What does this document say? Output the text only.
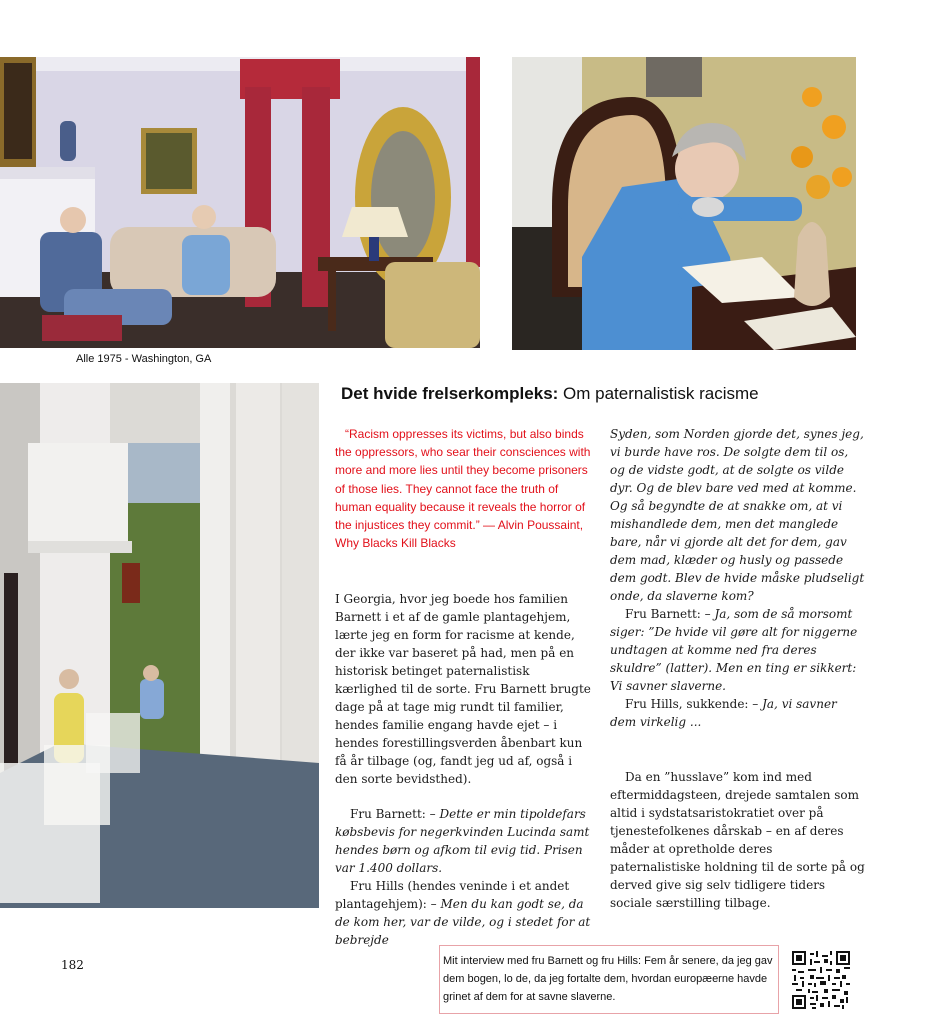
Alle 1975 - Washington, GA
Det hvide frelserkompleks: Om paternalistisk racisme
“Racism oppresses its victims, but also binds the oppressors, who sear their consciences with more and more lies until they become prisoners of those lies. They cannot face the truth of human equality because it reveals the horror of the injustices they commit.” — Alvin Poussaint, Why Blacks Kill Blacks

I Georgia, hvor jeg boede hos familien Barnett i et af de gamle plantagehjem, lærte jeg en form for racisme at kende, der ikke var baseret på had, men på en historisk betinget paternalistisk kærlighed til de sorte. Fru Barnett brugte dage på at tage mig rundt til familier, hendes familie engang havde ejet – i hendes forestillingsverden åbenbart kun få år tilbage (og, fandt jeg ud af, også i den sorte bevidsthed).

Fru Barnett: – Dette er min tipoldefars købsbevis for negerkvinden Lucinda samt hendes børn og afkom til evig tid. Prisen var 1.400 dollars.

Fru Hills (hendes veninde i et andet plantagehjem): – Men du kan godt se, da de kom her, var de vilde, og i stedet for at bebrejde

Syden, som Norden gjorde det, synes jeg, vi burde have ros. De solgte dem til os, og de vidste godt, at de solgte os vilde dyr. Og de blev bare ved med at komme. Og så begyndte de at snakke om, at vi mishandlede dem, men det manglede bare, når vi gjorde alt det for dem, gav dem mad, klæder og husly og passede dem godt. Blev de hvide måske pludseligt onde, da slaverne kom?

Fru Barnett: – Ja, som de så morsomt siger: ”De hvide vil gøre alt for niggerne undtagen at komme ned fra deres skuldre” (latter). Men en ting er sikkert: Vi savner slaverne.

Fru Hills, sukkende: – Ja, vi savner dem virkelig ...

Da en ”husslave” kom ind med eftermiddagsteen, drejede samtalen som altid i sydstatsaristokratiet over på tjenestefolkenes dårskab – en af deres måder at opretholde deres paternalistiske holdning til de sorte på og derved give sig selv tidligere tiders sociale særstilling tilbage.

182	Mit interview med fru Barnett og fru Hills: Fem år senere, da jeg gav dem bogen, lo de, da jeg fortalte dem, hvordan europæerne havde grinet af dem for at savne slaverne.
